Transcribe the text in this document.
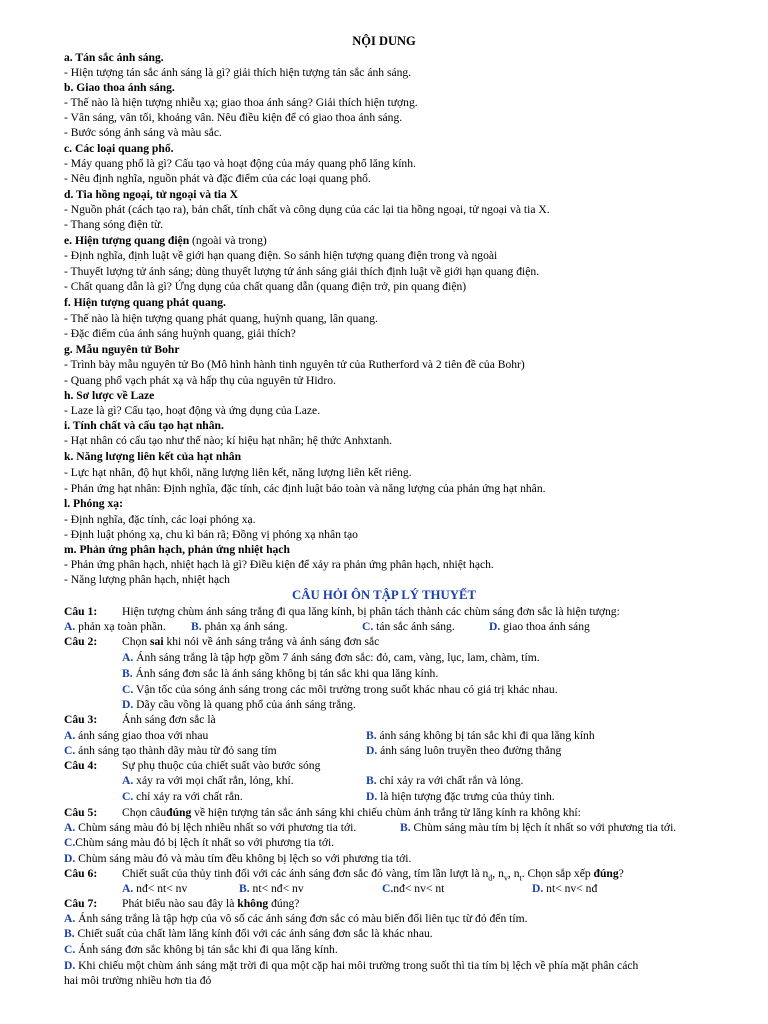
NỘI DUNG
a. Tán sắc ánh sáng.
- Hiện tượng tán sắc ánh sáng là gì? giải thích hiện tượng tán sắc ánh sáng.
b. Giao thoa ánh sáng.
- Thế nào là hiện tượng nhiễu xạ; giao thoa ánh sáng? Giải thích hiện tượng.
- Vân sáng, vân tối, khoảng vân. Nêu điều kiện để có giao thoa ánh sáng.
- Bước sóng ánh sáng và màu sắc.
c. Các loại quang phổ.
- Máy quang phổ là gì? Cấu tạo và hoạt động của máy quang phổ lăng kính.
- Nêu định nghĩa, nguồn phát và đặc điểm của các loại quang phổ.
d. Tia hồng ngoại, tử ngoại và tia X
- Nguồn phát (cách tạo ra), bản chất, tính chất và công dụng của các lại tia hồng ngoại, tử ngoại và tia X.
- Thang sóng điện từ.
e. Hiện tượng quang điện (ngoài và trong)
- Định nghĩa, định luật về giới hạn quang điện. So sánh hiện tượng quang điện trong và ngoài
- Thuyết lượng tử ánh sáng; dùng thuyết lượng tử ánh sáng giải thích định luật về giới hạn quang điện.
- Chất quang dẫn là gì? Ứng dụng của chất quang dẫn (quang điện trở, pin quang điện)
f. Hiện tượng quang phát quang.
- Thế nào là hiện tượng quang phát quang, huỳnh quang, lân quang.
- Đặc điểm của ánh sáng huỳnh quang, giải thích?
g. Mẫu nguyên tử Bohr
- Trình bày mẫu nguyên tử Bo (Mô hình hành tinh nguyên tử của Rutherford và 2 tiên đề của Bohr)
- Quang phổ vạch phát xạ và hấp thụ của nguyên tử Hidro.
h. Sơ lược về Laze
- Laze là gì? Cấu tạo, hoạt động và ứng dụng của Laze.
i. Tính chất và cấu tạo hạt nhân.
- Hạt nhân có cấu tạo như thế nào; kí hiệu hạt nhân; hệ thức Anhxtanh.
k. Năng lượng liên kết của hạt nhân
- Lực hạt nhân, độ hụt khối, năng lượng liên kết, năng lượng liên kết riêng.
- Phản ứng hạt nhân: Định nghĩa, đặc tính, các định luật bảo toàn và năng lượng của phản ứng hạt nhân.
l. Phóng xạ:
- Định nghĩa, đặc tính, các loại phóng xạ.
- Định luật phóng xạ, chu kì bán rã; Đồng vị phóng xạ nhân tạo
m. Phản ứng phân hạch, phản ứng nhiệt hạch
- Phản ứng phân hạch, nhiệt hạch là gì? Điều kiện để xảy ra phản ứng phân hạch, nhiệt hạch.
- Năng lượng phân hạch, nhiệt hạch
CÂU HỎI ÔN TẬP LÝ THUYẾT
Câu 1: Hiện tượng chùm ánh sáng trắng đi qua lăng kính, bị phân tách thành các chùm sáng đơn sắc là hiện tượng:
A. phản xạ toàn phần. B. phản xạ ánh sáng.	C. tán sắc ánh sáng.	D. giao thoa ánh sáng
Câu 2: Chọn sai khi nói về ánh sáng trắng và ánh sáng đơn sắc
A. Ánh sáng trắng là tập hợp gồm 7 ánh sáng đơn sắc: đỏ, cam, vàng, lục, lam, chàm, tím.
B. Ánh sáng đơn sắc là ánh sáng không bị tán sắc khi qua lăng kính.
C. Vận tốc của sóng ánh sáng trong các môi trường trong suốt khác nhau có giá trị khác nhau.
D. Dãy cầu vồng là quang phổ của ánh sáng trắng.
Câu 3: Ánh sáng đơn sắc là
A. ánh sáng giao thoa với nhau	B. ánh sáng không bị tán sắc khi đi qua lăng kính
C. ánh sáng tạo thành dãy màu từ đỏ sang tím	D. ánh sáng luôn truyền theo đường thẳng
Câu 4: Sự phụ thuộc của chiết suất vào bước sóng
A. xảy ra với mọi chất rắn, lỏng, khí.	B. chỉ xảy ra với chất rắn và lỏng.
C. chỉ xảy ra với chất rắn.	D. là hiện tượng đặc trưng của thủy tinh.
Câu 5: Chọn câuđúng về hiện tượng tán sắc ánh sáng khi chiếu chùm ánh trắng từ lăng kính ra không khí:
A. Chùm sáng màu đỏ bị lệch nhiều nhất so với phương tia tới.	B. Chùm sáng màu tím bị lệch ít nhất so với phương tia tới.
C.Chùm sáng màu đỏ bị lệch ít nhất so với phương tia tới.
D. Chùm sáng màu đỏ và màu tím đều không bị lệch so với phương tia tới.
Câu 6: Chiết suất của thủy tinh đối với các ánh sáng đơn sắc đỏ vàng, tím lần lượt là $n_đ$, $n_v$, $n_t$. Chọn sắp xếp đúng?
A. nđ< nt< nv	B. nt< nđ< nv	C.nđ< nv< nt	D. nt< nv< nđ
Câu 7: Phát biểu nào sau đây là không đúng?
A. Ánh sáng trắng là tập hợp của vô số các ánh sáng đơn sắc có màu biến đổi liên tục từ đỏ đến tím.
B. Chiết suất của chất làm lăng kính đối với các ánh sáng đơn sắc là khác nhau.
C. Ánh sáng đơn sắc không bị tán sắc khi đi qua lăng kính.
D. Khi chiếu một chùm ánh sáng mặt trời đi qua một cặp hai môi trường trong suốt thì tia tím bị lệch về phía mặt phân cách
hai môi trường nhiều hơn tia đỏ
